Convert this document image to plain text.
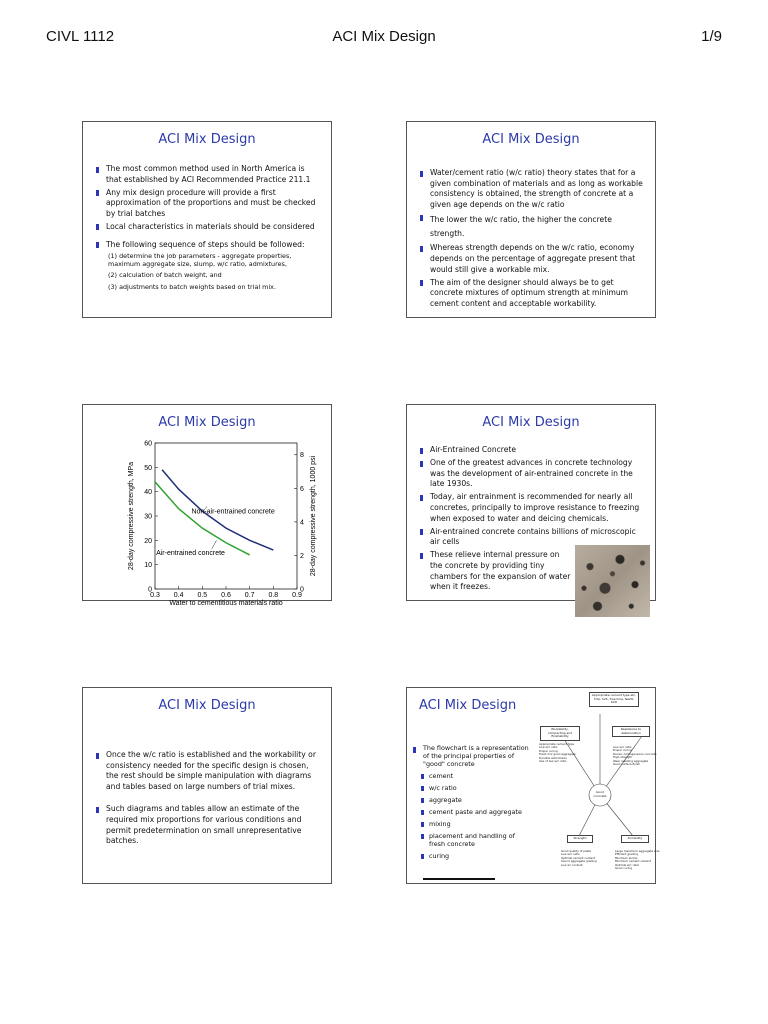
CIVL 1112	ACI Mix Design	1/9
ACI Mix Design
The most common method used in North America is that established by ACI Recommended Practice 211.1
Any mix design procedure will provide a first approximation of the proportions and must be checked by trial batches
Local characteristics in materials should be considered
The following sequence of steps should be followed:
(1) determine the job parameters - aggregate properties, maximum aggregate size, slump, w/c ratio, admixtures,
(2) calculation of batch weight, and
(3) adjustments to batch weights based on trial mix.
ACI Mix Design
Water/cement ratio (w/c ratio) theory states that for a given combination of materials and as long as workable consistency is obtained, the strength of concrete at a given age depends on the w/c ratio
The lower the w/c ratio, the higher the concrete strength.
Whereas strength depends on the w/c ratio, economy depends on the percentage of aggregate present that would still give a workable mix.
The aim of the designer should always be to get concrete mixtures of optimum strength at minimum cement content and acceptable workability.
ACI Mix Design
0.3 0.4 0.5 0.6 0.7 0.8 0.9
0
10
20
30
40
50
60
0
2
4
6
8
Water to cementitious materials ratio
28-day compressive strength, MPa	28-day compressive strength, 1000 psi
Non-air-entrained concrete
Air-entrained concrete
ACI Mix Design
Air-Entrained Concrete
One of the greatest advances in concrete technology was the development of air-entrained concrete in the late 1930s.
Today, air entrainment is recommended for nearly all concretes, principally to improve resistance to freezing when exposed to water and deicing chemicals.
Air-entrained concrete contains billions of microscopic air cells
These relieve internal pressure on the concrete by providing tiny chambers for the expansion of water when it freezes.
ACI Mix Design
Once the w/c ratio is established and the workability or consistency needed for the specific design is chosen, the rest should be simple manipulation with diagrams and tables based on large numbers of trial mixes.
Such diagrams and tables allow an estimate of the required mix proportions for various conditions and permit predetermination on small unrepresentative batches.
ACI Mix Design
The flowchart is a representation of the principal properties of "good" concrete
cement
w/c ratio
aggregate
cement paste and aggregate
mixing
placement and handling of fresh concrete
curing
Appropriate cement type etc. C3A, C2S, free lime, Na2O, K2O
Workability, compacting and finishability
Resistance to deterioration
Appropriate cement type
Low w/c ratio
Proper curing
Fresh mix good aggregate
Durable admixtures
Use of low w/c ratio
Low w/c ratio
Proper curing
Dense, homogeneous concrete
High strength
Wear resisting aggregate
Good surface finish
Good concrete
Strength	Durability
Good quality of paste
Low w/c ratio
Optimal cement content
Sound aggregate grading
Low air content
Large maximum aggregate size
Efficient grading
Minimum slump
Minimum cement content
Optimal w/c ratio
Good curing
